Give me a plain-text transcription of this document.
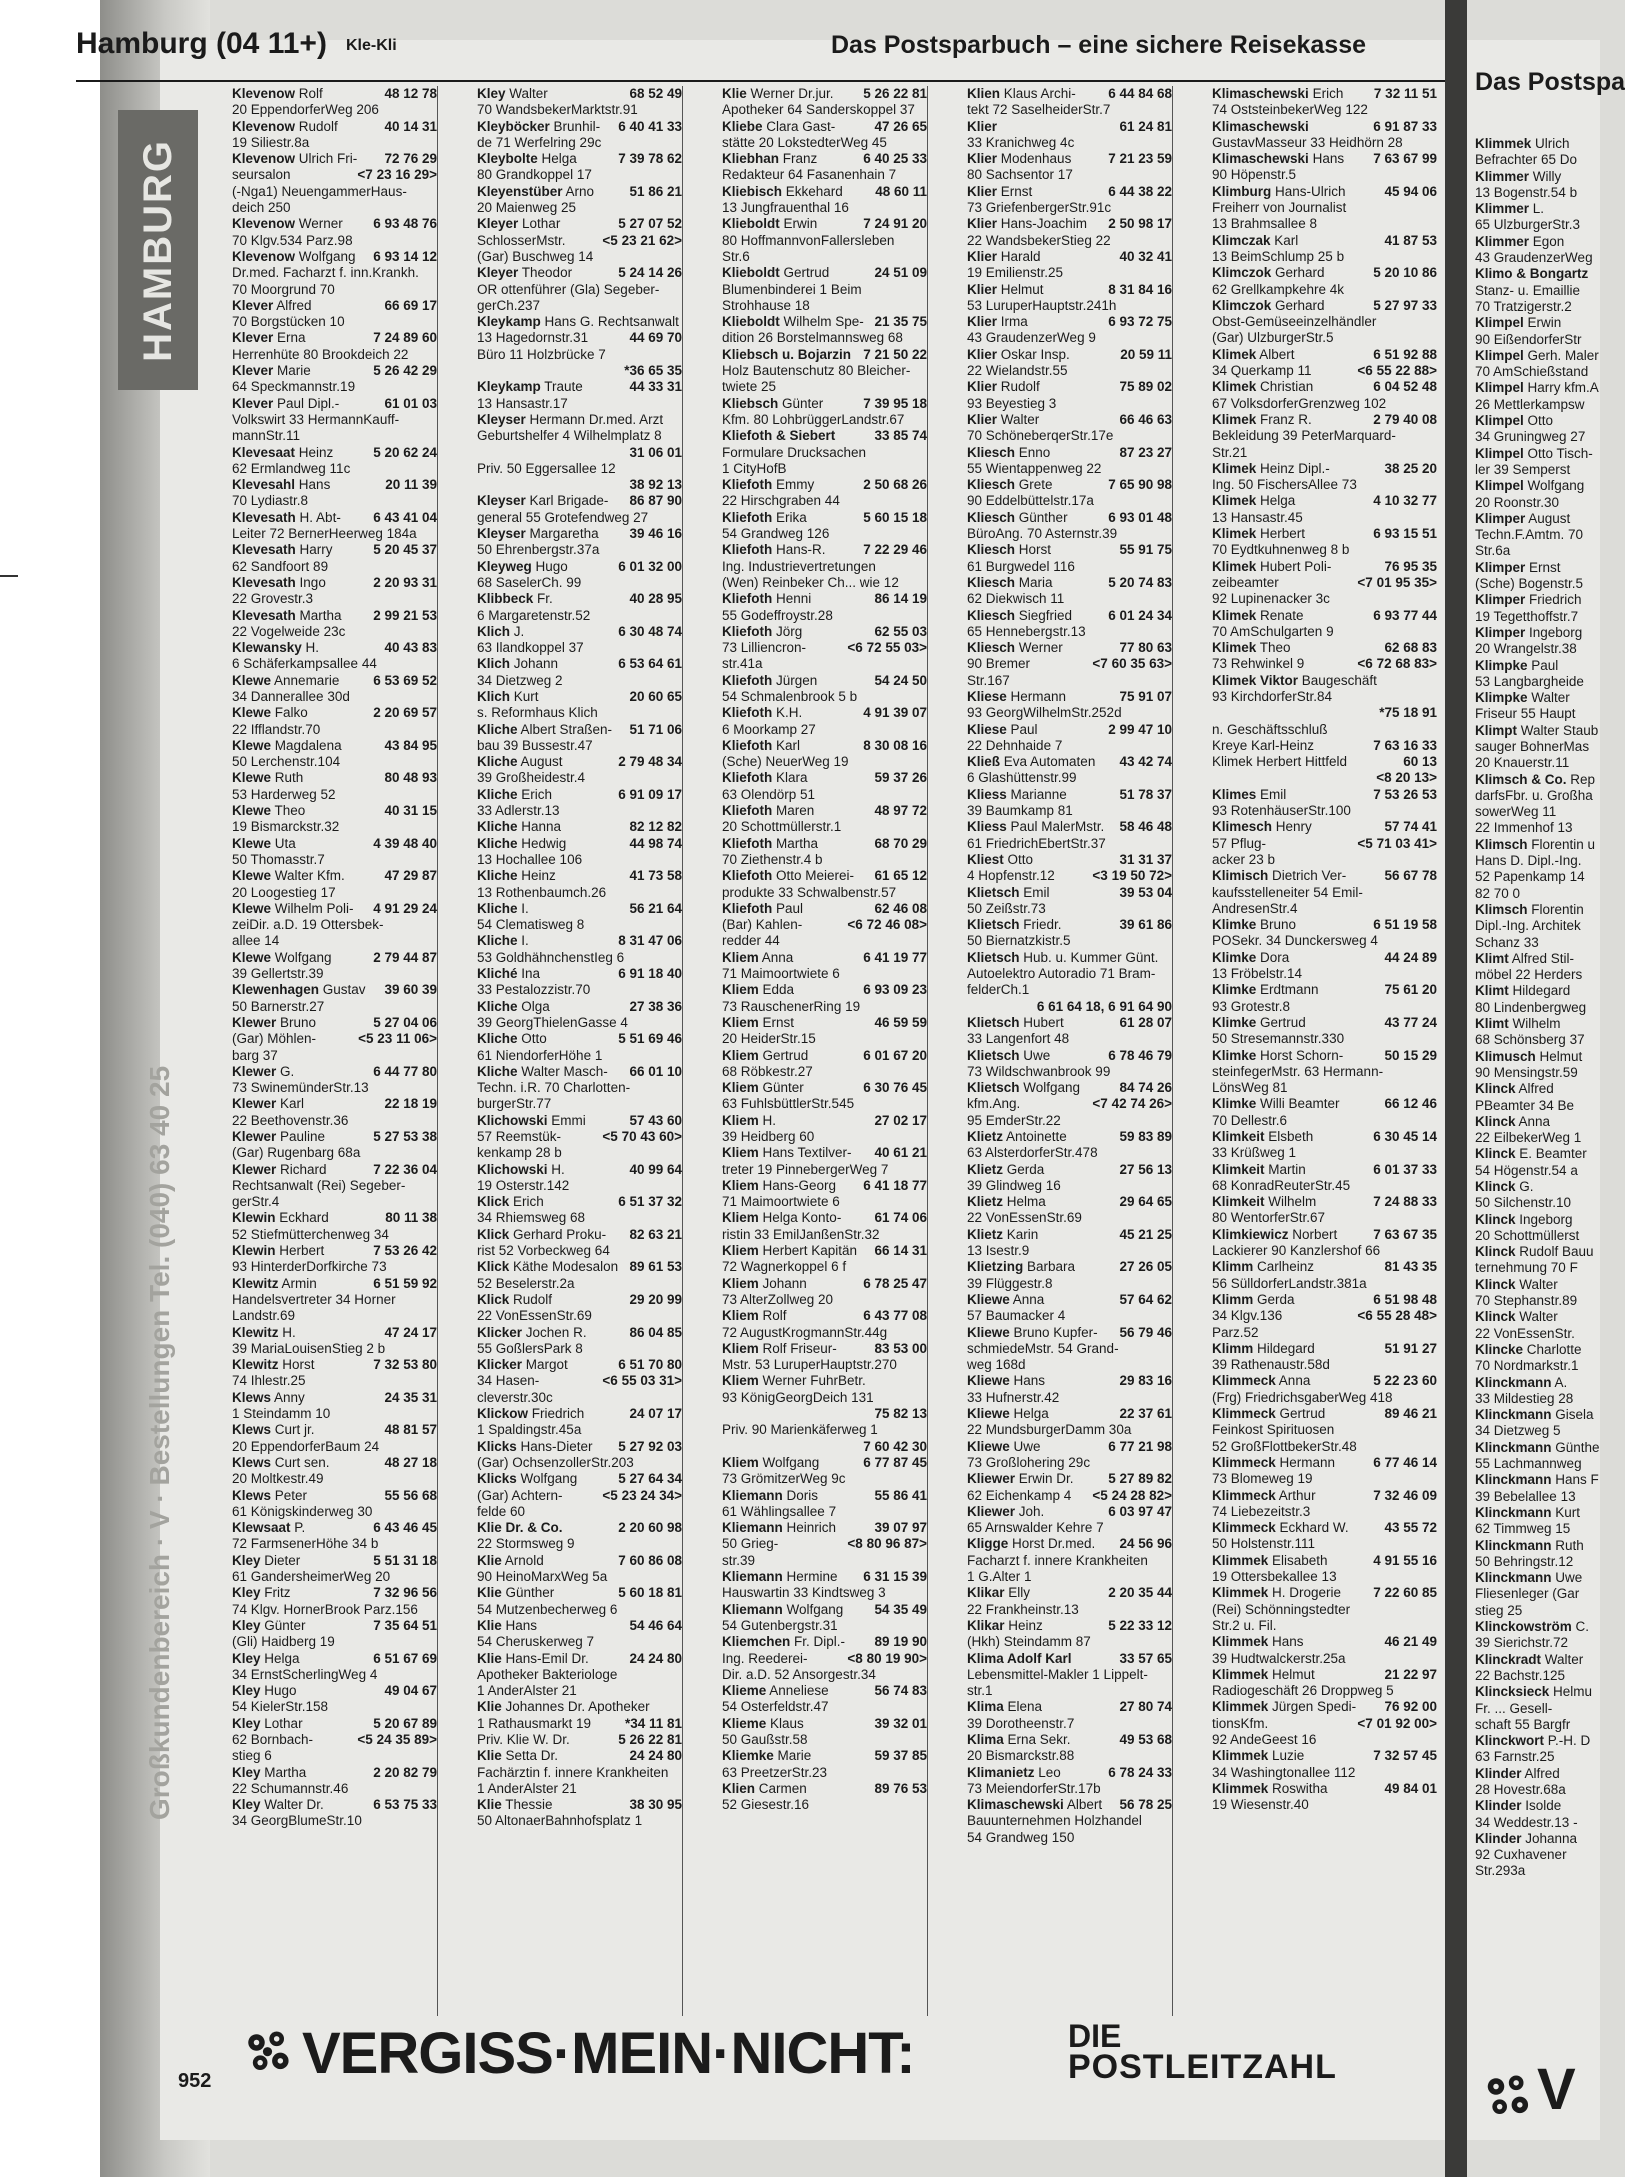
HAMBURG
Großkundenbereich · V · Bestellungen Tel. (040) 63 40 25
Hamburg (04 11+) Kle-Kli	Das Postsparbuch – eine sichere Reisekasse
48 12 78
Klevenow Rolf
20 EppendorferWeg 206
40 14 31
Klevenow Rudolf
19 Siliestr.8a
72 76 29
Klevenow Ulrich Fri-
<7 23 16 29>
seursalon
(-Nga1) NeuengammerHaus-
deich 250
6 93 48 76
Klevenow Werner
70 Klgv.534 Parz.98
6 93 14 12
Klevenow Wolfgang
Dr.med. Facharzt f. inn.Krankh.
70 Moorgrund 70
66 69 17
Klever Alfred
70 Borgstücken 10
7 24 89 60
Klever Erna
Herrenhüte 80 Brookdeich 22
5 26 42 29
Klever Marie
64 Speckmannstr.19
61 01 03
Klever Paul Dipl.-
Volkswirt 33 HermannKauff-
mannStr.11
5 20 62 24
Klevesaat Heinz
62 Ermlandweg 11c
20 11 39
Klevesahl Hans
70 Lydiastr.8
6 43 41 04
Klevesath H. Abt-
Leiter 72 BernerHeerweg 184a
5 20 45 37
Klevesath Harry
62 Sandfoort 89
2 20 93 31
Klevesath Ingo
22 Grovestr.3
2 99 21 53
Klevesath Martha
22 Vogelweide 23c
40 43 83
Klewansky H.
6 Schäferkampsallee 44
6 53 69 52
Klewe Annemarie
34 Dannerallee 30d
2 20 69 57
Klewe Falko
22 Ifflandstr.70
43 84 95
Klewe Magdalena
50 Lerchenstr.104
80 48 93
Klewe Ruth
53 Harderweg 52
40 31 15
Klewe Theo
19 Bismarckstr.32
4 39 48 40
Klewe Uta
50 Thomasstr.7
47 29 87
Klewe Walter Kfm.
20 Loogestieg 17
4 91 29 24
Klewe Wilhelm Poli-
zeiDir. a.D. 19 Ottersbek-
allee 14
2 79 44 87
Klewe Wolfgang
39 Gellertstr.39
39 60 39
Klewenhagen Gustav
50 Barnerstr.27
5 27 04 06
Klewer Bruno
<5 23 11 06>
(Gar) Möhlen-
barg 37
6 44 77 80
Klewer G.
73 SwinemünderStr.13
22 18 19
Klewer Karl
22 Beethovenstr.36
5 27 53 38
Klewer Pauline
(Gar) Rugenbarg 68a
7 22 36 04
Klewer Richard
Rechtsanwalt (Rei) Segeber-
gerStr.4
80 11 38
Klewin Eckhard
52 Stiefmütterchenweg 34
7 53 26 42
Klewin Herbert
93 HinterderDorfkirche 73
6 51 59 92
Klewitz Armin
Handelsvertreter 34 Horner
Landstr.69
47 24 17
Klewitz H.
39 MariaLouisenStieg 2 b
7 32 53 80
Klewitz Horst
74 Ihlestr.25
24 35 31
Klews Anny
1 Steindamm 10
48 81 57
Klews Curt jr.
20 EppendorferBaum 24
48 27 18
Klews Curt sen.
20 Moltkestr.49
55 56 68
Klews Peter
61 Königskinderweg 30
6 43 46 45
Klewsaat P.
72 FarmsenerHöhe 34 b
5 51 31 18
Kley Dieter
61 GandersheimerWeg 20
7 32 96 56
Kley Fritz
74 Klgv. HornerBrook Parz.156
7 35 64 51
Kley Günter
(Gli) Haidberg 19
6 51 67 69
Kley Helga
34 ErnstScherlingWeg 4
49 04 67
Kley Hugo
54 KielerStr.158
5 20 67 89
Kley Lothar
<5 24 35 89>
62 Bornbach-
stieg 6
2 20 82 79
Kley Martha
22 Schumannstr.46
6 53 75 33
Kley Walter Dr.
34 GeorgBlumeStr.10
68 52 49
Kley Walter
70 WandsbekerMarktstr.91
6 40 41 33
Kleyböcker Brunhil-
de 71 Werfelring 29c
7 39 78 62
Kleybolte Helga
80 Grandkoppel 17
51 86 21
Kleyenstüber Arno
20 Maienweg 25
5 27 07 52
Kleyer Lothar
<5 23 21 62>
SchlosserMstr.
(Gar) Buschweg 14
5 24 14 26
Kleyer Theodor
OR ottenführer (Gla) Segeber-
gerCh.237
Kleykamp Hans G. Rechtsanwalt
44 69 70
13 Hagedornstr.31
Büro 11 Holzbrücke 7
*36 65 35

44 33 31
Kleykamp Traute
13 Hansastr.17
Kleyser Hermann Dr.med. Arzt
Geburtshelfer 4 Wilhelmplatz 8
31 06 01

Priv. 50 Eggersallee 12
38 92 13

86 87 90
Kleyser Karl Brigade-
general 55 Grotefendweg 27
39 46 16
Kleyser Margaretha
50 Ehrenbergstr.37a
6 01 32 00
Kleyweg Hugo
68 SaselerCh. 99
40 28 95
Klibbeck Fr.
6 Margaretenstr.52
6 30 48 74
Klich J.
63 Ilandkoppel 37
6 53 64 61
Klich Johann
34 Dietzweg 2
20 60 65
Klich Kurt
s. Reformhaus Klich
51 71 06
Kliche Albert Straßen-
bau 39 Bussestr.47
2 79 48 34
Kliche August
39 Großheidestr.4
6 91 09 17
Kliche Erich
33 Adlerstr.13
82 12 82
Kliche Hanna
44 98 74
Kliche Hedwig
13 Hochallee 106
41 73 58
Kliche Heinz
13 Rothenbaumch.26
56 21 64
Kliche I.
54 Clematisweg 8
8 31 47 06
Kliche I.
53 GoldhähnchenstIeg 6
6 91 18 40
Kliché Ina
33 Pestalozzistr.70
27 38 36
Kliche Olga
39 GeorgThielenGasse 4
5 51 69 46
Kliche Otto
61 NiendorferHöhe 1
66 01 10
Kliche Walter Masch-
Techn. i.R. 70 Charlotten-
burgerStr.77
57 43 60
Klichowski Emmi
<5 70 43 60>
57 Reemstük-
kenkamp 28 b
40 99 64
Klichowski H.
19 Osterstr.142
6 51 37 32
Klick Erich
34 Rhiemsweg 68
82 63 21
Klick Gerhard Proku-
rist 52 Vorbeckweg 64
89 61 53
Klick Käthe Modesalon
52 Beselerstr.2a
29 20 99
Klick Rudolf
22 VonEssenStr.69
86 04 85
Klicker Jochen R.
55 GoßlersPark 8
6 51 70 80
Klicker Margot
<6 55 03 31>
34 Hasen-
cleverstr.30c
24 07 17
Klickow Friedrich
1 Spaldingstr.45a
5 27 92 03
Klicks Hans-Dieter
(Gar) OchsenzollerStr.203
5 27 64 34
Klicks Wolfgang
<5 23 24 34>
(Gar) Achtern-
felde 60
2 20 60 98
Klie Dr. & Co.
22 Stormsweg 9
7 60 86 08
Klie Arnold
90 HeinoMarxWeg 5a
5 60 18 81
Klie Günther
54 Mutzenbecherweg 6
54 46 64
Klie Hans
54 Cheruskerweg 7
24 24 80
Klie Hans-Emil Dr.
Apotheker Bakteriologe
1 AnderAlster 21
Klie Johannes Dr. Apotheker
*34 11 81
1 Rathausmarkt 19
5 26 22 81
Priv. Klie W. Dr.
24 24 80
Klie Setta Dr.
Fachärztin f. innere Krankheiten
1 AnderAlster 21
38 30 95
Klie Thessie
50 AltonaerBahnhofsplatz 1
5 26 22 81
Klie Werner Dr.jur.
Apotheker 64 Sanderskoppel 37
47 26 65
Kliebe Clara Gast-
stätte 20 LokstedterWeg 45
6 40 25 33
Kliebhan Franz
Redakteur 64 Fasanenhain 7
48 60 11
Kliebisch Ekkehard
13 Jungfrauenthal 16
7 24 91 20
Klieboldt Erwin
80 HoffmannvonFallersleben
Str.6
24 51 09
Klieboldt Gertrud
Blumenbinderei 1 Beim
Strohhause 18
21 35 75
Klieboldt Wilhelm Spe-
dition 26 Borstelmannsweg 68
7 21 50 22
Kliebsch u. Bojarzin
Holz Bautenschutz 80 Bleicher-
twiete 25
7 39 95 18
Kliebsch Günter
Kfm. 80 LohbrüggerLandstr.67
33 85 74
Kliefoth & Siebert
Formulare Drucksachen
1 CityHofB
2 50 68 26
Kliefoth Emmy
22 Hirschgraben 44
5 60 15 18
Kliefoth Erika
54 Grandweg 126
7 22 29 46
Kliefoth Hans-R.
Ing. Industrievertretungen
(Wen) Reinbeker Ch... wie 12
86 14 19
Kliefoth Henni
55 Godeffroystr.28
62 55 03
Kliefoth Jörg
<6 72 55 03>
73 Lilliencron-
str.41a
54 24 50
Kliefoth Jürgen
54 Schmalenbrook 5 b
4 91 39 07
Kliefoth K.H.
6 Moorkamp 27
8 30 08 16
Kliefoth Karl
(Sche) NeuerWeg 19
59 37 26
Kliefoth Klara
63 Olendörp 51
48 97 72
Kliefoth Maren
20 Schottmüllerstr.1
68 70 29
Kliefoth Martha
70 Ziethenstr.4 b
61 65 12
Kliefoth Otto Meierei-
produkte 33 Schwalbenstr.57
62 46 08
Kliefoth Paul
<6 72 46 08>
(Bar) Kahlen-
redder 44
6 41 19 77
Kliem Anna
71 Maimoortwiete 6
6 93 09 23
Kliem Edda
73 RauschenerRing 19
46 59 59
Kliem Ernst
20 HeiderStr.15
6 01 67 20
Kliem Gertrud
68 Röbkestr.27
6 30 76 45
Kliem Günter
63 FuhlsbüttlerStr.545
27 02 17
Kliem H.
39 Heidberg 60
40 61 21
Kliem Hans Textilver-
treter 19 PinnebergerWeg 7
6 41 18 77
Kliem Hans-Georg
71 Maimoortwiete 6
61 74 06
Kliem Helga Konto-
ristin 33 EmilJanßenStr.32
66 14 31
Kliem Herbert Kapitän
72 Wagnerkoppel 6 f
6 78 25 47
Kliem Johann
73 AlterZollweg 20
6 43 77 08
Kliem Rolf
72 AugustKrogmannStr.44g
83 53 00
Kliem Rolf Friseur-
Mstr. 53 LuruperHauptstr.270
Kliem Werner FuhrBetr.
93 KönigGeorgDeich 131
75 82 13

Priv. 90 Marienkäferweg 1
7 60 42 30

6 77 87 45
Kliem Wolfgang
73 GrömitzerWeg 9c
55 86 41
Kliemann Doris
61 Wählingsallee 7
39 07 97
Kliemann Heinrich
<8 80 96 87>
50 Grieg-
str.39
6 31 15 39
Kliemann Hermine
Hauswartin 33 Kindtsweg 3
54 35 49
Kliemann Wolfgang
54 Gutenbergstr.31
89 19 90
Kliemchen Fr. Dipl.-
<8 80 19 90>
Ing. Reederei-
Dir. a.D. 52 Ansorgestr.34
56 74 83
Klieme Anneliese
54 Osterfeldstr.47
39 32 01
Klieme Klaus
50 Gaußstr.58
59 37 85
Kliemke Marie
63 PreetzerStr.23
89 76 53
Klien Carmen
52 Giesestr.16
6 44 84 68
Klien Klaus Archi-
tekt 72 SaselheiderStr.7
61 24 81
Klier
33 Kranichweg 4c
7 21 23 59
Klier Modenhaus
80 Sachsentor 17
6 44 38 22
Klier Ernst
73 GriefenbergerStr.91c
2 50 98 17
Klier Hans-Joachim
22 WandsbekerStieg 22
40 32 41
Klier Harald
19 Emilienstr.25
8 31 84 16
Klier Helmut
53 LuruperHauptstr.241h
6 93 72 75
Klier Irma
43 GraudenzerWeg 9
20 59 11
Klier Oskar Insp.
22 Wielandstr.55
75 89 02
Klier Rudolf
93 Beyestieg 3
66 46 63
Klier Walter
70 SchöneberqerStr.17e
87 23 27
Kliesch Enno
55 Wientappenweg 22
7 65 90 98
Kliesch Grete
90 Eddelbüttelstr.17a
6 93 01 48
Kliesch Günther
BüroAng. 70 Asternstr.39
55 91 75
Kliesch Horst
61 Burgwedel 116
5 20 74 83
Kliesch Maria
62 Diekwisch 11
6 01 24 34
Kliesch Siegfried
65 Hennebergstr.13
77 80 63
Kliesch Werner
<7 60 35 63>
90 Bremer
Str.167
75 91 07
Kliese Hermann
93 GeorgWilhelmStr.252d
2 99 47 10
Kliese Paul
22 Dehnhaide 7
43 42 74
Kließ Eva Automaten
6 Glashüttenstr.99
51 78 37
Kliess Marianne
39 Baumkamp 81
58 46 48
Kliess Paul MalerMstr.
61 FriedrichEbertStr.37
31 31 37
Kliest Otto
<3 19 50 72>
4 Hopfenstr.12
39 53 04
Klietsch Emil
50 Zeißstr.73
39 61 86
Klietsch Friedr.
50 Biernatzkistr.5
Klietsch Hub. u. Kummer Günt.
Autoelektro Autoradio 71 Bram-
felderCh.1
6 61 64 18, 6 91 64 90

61 28 07
Klietsch Hubert
33 Langenfort 48
6 78 46 79
Klietsch Uwe
73 Wildschwanbrook 99
84 74 26
Klietsch Wolfgang
<7 42 74 26>
kfm.Ang.
95 EmderStr.22
59 83 89
Klietz Antoinette
63 AlsterdorferStr.478
27 56 13
Klietz Gerda
39 Glindweg 16
29 64 65
Klietz Helma
22 VonEssenStr.69
45 21 25
Klietz Karin
13 Isestr.9
27 26 05
Klietzing Barbara
39 Flüggestr.8
57 64 62
Kliewe Anna
57 Baumacker 4
56 79 46
Kliewe Bruno Kupfer-
schmiedeMstr. 54 Grand-
weg 168d
29 83 16
Kliewe Hans
33 Hufnerstr.42
22 37 61
Kliewe Helga
22 MundsburgerDamm 30a
6 77 21 98
Kliewe Uwe
73 Großlohering 29c
5 27 89 82
Kliewer Erwin Dr.
<5 24 28 82>
62 Eichenkamp 4
6 03 97 47
Kliewer Joh.
65 Arnswalder Kehre 7
24 56 96
Kligge Horst Dr.med.
Facharzt f. innere Krankheiten
1 G.Alter 1
2 20 35 44
Klikar Elly
22 Frankheinstr.13
5 22 33 12
Klikar Heinz
(Hkh) Steindamm 87
33 57 65
Klima Adolf Karl
Lebensmittel-Makler 1 Lippelt-
str.1
27 80 74
Klima Elena
39 Dorotheenstr.7
49 53 68
Klima Erna Sekr.
20 Bismarckstr.88
6 78 24 33
Klimanietz Leo
73 MeiendorferStr.17b
56 78 25
Klimaschewski Albert
Bauunternehmen Holzhandel
54 Grandweg 150
7 32 11 51
Klimaschewski Erich
74 OststeinbekerWeg 122
6 91 87 33
Klimaschewski
GustavMasseur 33 Heidhörn 28
7 63 67 99
Klimaschewski Hans
90 Höpenstr.5
45 94 06
Klimburg Hans-Ulrich
Freiherr von Journalist
13 Brahmsallee 8
41 87 53
Klimczak Karl
13 BeimSchlump 25 b
5 20 10 86
Klimczok Gerhard
62 Grellkampkehre 4k
5 27 97 33
Klimczok Gerhard
Obst-Gemüseeinzelhändler
(Gar) UlzburgerStr.5
6 51 92 88
Klimek Albert
<6 55 22 88>
34 Querkamp 11
6 04 52 48
Klimek Christian
67 VolksdorferGrenzweg 102
2 79 40 08
Klimek Franz R.
Bekleidung 39 PeterMarquard-
Str.21
38 25 20
Klimek Heinz Dipl.-
Ing. 50 FischersAllee 73
4 10 32 77
Klimek Helga
13 Hansastr.45
6 93 15 51
Klimek Herbert
70 Eydtkuhnenweg 8 b
76 95 35
Klimek Hubert Poli-
<7 01 95 35>
zeibeamter
92 Lupinenacker 3c
6 93 77 44
Klimek Renate
70 AmSchulgarten 9
62 68 83
Klimek Theo
<6 72 68 83>
73 Rehwinkel 9
Klimek Viktor Baugeschäft
93 KirchdorferStr.84
*75 18 91

n. Geschäftsschluß
7 63 16 33
Kreye Karl-Heinz
60 13
Klimek Herbert Hittfeld
<8 20 13>

7 53 26 53
Klimes Emil
93 RotenhäuserStr.100
57 74 41
Klimesch Henry
<5 71 03 41>
57 Pflug-
acker 23 b
56 67 78
Klimisch Dietrich Ver-
kaufsstelleneiter 54 Emil-
AndresenStr.4
6 51 19 58
Klimke Bruno
POSekr. 34 Dunckersweg 4
44 24 89
Klimke Dora
13 Fröbelstr.14
75 61 20
Klimke Erdtmann
93 Grotestr.8
43 77 24
Klimke Gertrud
50 Stresemannstr.330
50 15 29
Klimke Horst Schorn-
steinfegerMstr. 63 Hermann-
LönsWeg 81
66 12 46
Klimke Willi Beamter
70 Dellestr.6
6 30 45 14
Klimkeit Elsbeth
33 Krüßweg 1
6 01 37 33
Klimkeit Martin
68 KonradReuterStr.45
7 24 88 33
Klimkeit Wilhelm
80 WentorferStr.67
7 63 67 35
Klimkiewicz Norbert
Lackierer 90 Kanzlershof 66
81 43 35
Klimm Carlheinz
56 SülldorferLandstr.381a
6 51 98 48
Klimm Gerda
<6 55 28 48>
34 Klgv.136
Parz.52
51 91 27
Klimm Hildegard
39 Rathenaustr.58d
5 22 23 60
Klimmeck Anna
(Frg) FriedrichsgaberWeg 418
89 46 21
Klimmeck Gertrud
Feinkost Spirituosen
52 GroßFlottbekerStr.48
6 77 46 14
Klimmeck Hermann
73 Blomeweg 19
7 32 46 09
Klimmeck Arthur
74 Liebezeitstr.3
43 55 72
Klimmeck Eckhard W.
50 Holstenstr.111
4 91 55 16
Klimmek Elisabeth
19 Ottersbekallee 13
7 22 60 85
Klimmek H. Drogerie
(Rei) Schönningstedter
Str.2 u. Fil.
46 21 49
Klimmek Hans
39 Hudtwalckerstr.25a
21 22 97
Klimmek Helmut
Radiogeschäft 26 Droppweg 5
76 92 00
Klimmek Jürgen Spedi-
<7 01 92 00>
tionsKfm.
92 AndeGeest 16
7 32 57 45
Klimmek Luzie
34 Washingtonallee 112
49 84 01
Klimmek Roswitha
19 Wiesenstr.40
Das Postspa
Klimmek Ulrich
Befrachter 65 Do
Klimmer Willy
13 Bogenstr.54 b
Klimmer L.
65 UlzburgerStr.3
Klimmer Egon
43 GraudenzerWeg
Klimo & Bongartz
Stanz- u. Emaillie
70 Tratzigerstr.2
Klimpel Erwin
90 EißendorferStr
Klimpel Gerh. Maler
70 AmSchießstand
Klimpel Harry kfm.A
26 Mettlerkampsw
Klimpel Otto
34 Gruningweg 27
Klimpel Otto Tisch-
ler 39 Semperst
Klimpel Wolfgang
20 Roonstr.30
Klimper August
Techn.F.Amtm. 70
Str.6a
Klimper Ernst
(Sche) Bogenstr.5
Klimper Friedrich
19 Tegetthoffstr.7
Klimper Ingeborg
20 Wrangelstr.38
Klimpke Paul
53 Langbargheide
Klimpke Walter
Friseur 55 Haupt
Klimpt Walter Staub
sauger BohnerMas
20 Knauerstr.11
Klimsch & Co. Rep
darfsFbr. u. Großha
sowerWeg 11
22 Immenhof 13
Klimsch Florentin u
Hans D. Dipl.-Ing.
52 Papenkamp 14
82 70 0
Klimsch Florentin
Dipl.-Ing. Architek
Schanz 33
Klimt Alfred Stil-
möbel 22 Herders
Klimt Hildegard
80 Lindenbergweg
Klimt Wilhelm
68 Schönsberg 37
Klimusch Helmut
90 Mensingstr.59
Klinck Alfred
PBeamter 34 Be
Klinck Anna
22 EilbekerWeg 1
Klinck E. Beamter
54 Högenstr.54 a
Klinck G.
50 Silchenstr.10
Klinck Ingeborg
20 Schottmüllerst
Klinck Rudolf Bauu
ternehmung 70 F
Klinck Walter
70 Stephanstr.89
Klinck Walter
22 VonEssenStr.
Klincke Charlotte
70 Nordmarkstr.1
Klinckmann A.
33 Mildestieg 28
Klinckmann Gisela
34 Dietzweg 5
Klinckmann Günthe
55 Lachmannweg
Klinckmann Hans F
39 Bebelallee 13
Klinckmann Kurt
62 Timmweg 15
Klinckmann Ruth
50 Behringstr.12
Klinckmann Uwe
Fliesenleger (Gar
stieg 25
Klinckowström C.
39 Sierichstr.72
Klinckradt Walter
22 Bachstr.125
Klincksieck Helmu
Fr. ... Gesell-
schaft 55 Bargfr
Klinckwort P.-H. D
63 Farnstr.25
Klinder Alfred
28 Hovestr.68a
Klinder Isolde
34 Weddestr.13 -
Klinder Johanna
92 Cuxhavener
Str.293a
V
VERGISS·MEIN·NICHT:	DIE
POSTLEITZAHL
952
